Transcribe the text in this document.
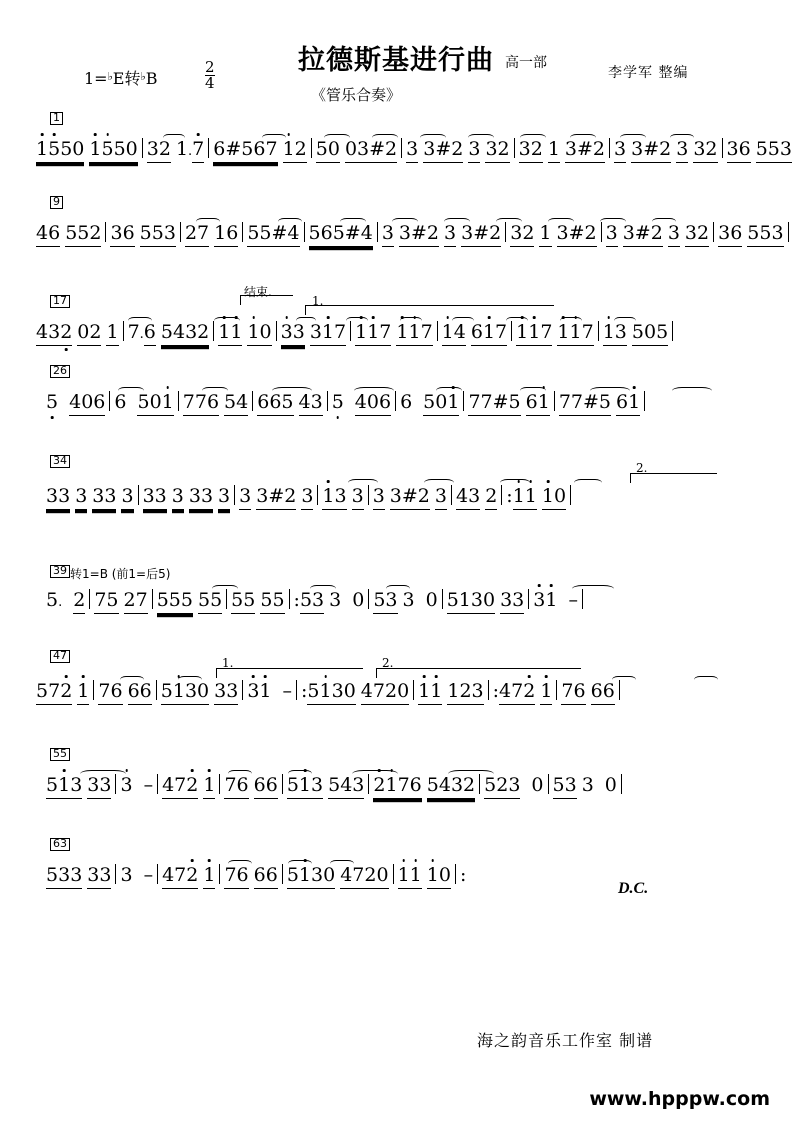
拉德斯基进行曲 高一部
李学军 整编
《管乐合奏》
1=♭E转♭B	$\frac{2}{4}$
1
1550 1550 32 1.7 6#567 12 50 03#2 3 3#2 3 32 32 1 3#2 3 3#2 3 32 36 553
9
46 552 36 553 27 16 55#4 565#4 3 3#2 3 3#2 32 1 3#2 3 3#2 3 32 36 553
17
结束.
1.
432 02 1 7.6 5432 11 10 33 317 117 117 14 617 117 117 13 505
26
5 406 6 501 776 54 665 43 5 406 6 501 77#5 61 77#5 61
34
2.
33 3 33 3 33 3 33 3 3 3#2 3 13 3 3 3#2 3 43 2 :11 10
39 转1=B (前1=后5)
5. 2 75 27 555 55 55 55 :53 3 0 53 3 0 5130 33 31 –
47
1.	2.
572 1 76 66 5130 33 31 – :5130 4720 11 123 :472 1 76 66
55
513 33 3 – 472 1 76 66 513 543 2176 5432 523 0 53 3 0
63
533 33 3 – 472 1 76 66 5130 4720 11 10 :
D.C.
海之韵音乐工作室 制谱
www.hpppw.com
